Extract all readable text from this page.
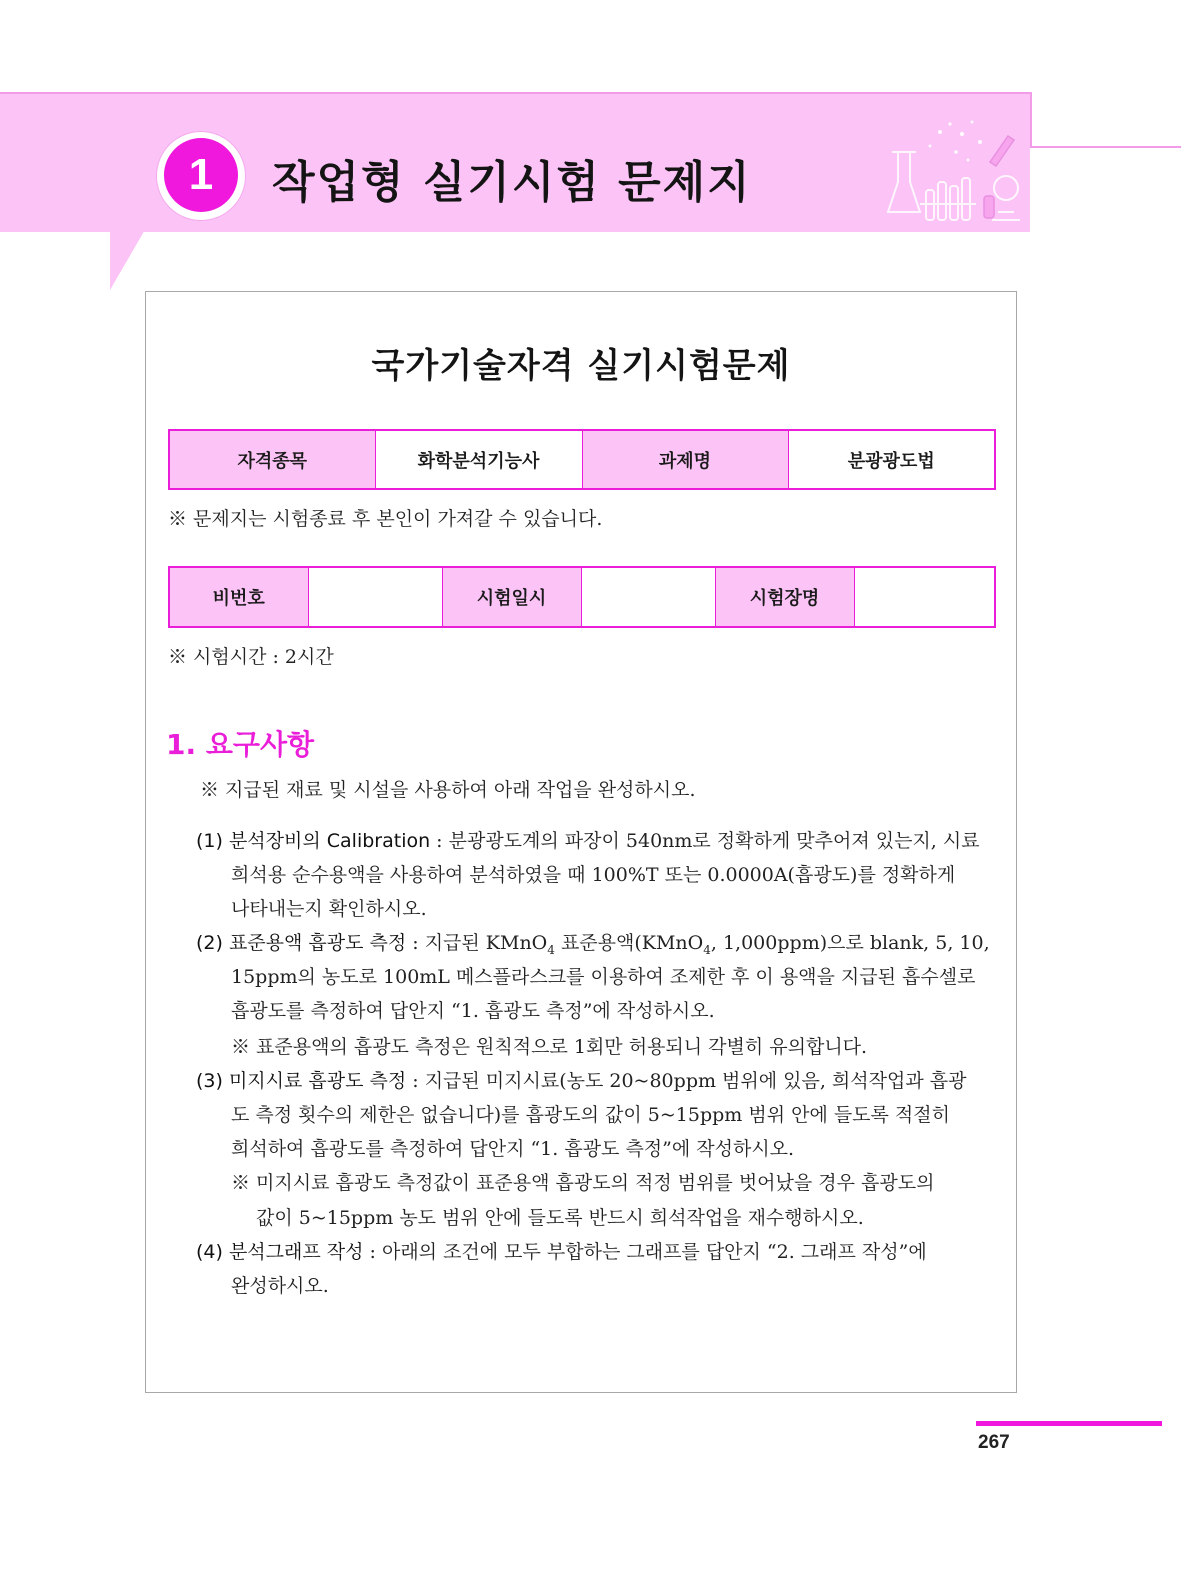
1	작업형 실기시험 문제지
국가기술자격 실기시험문제
자격종목	화학분석기능사	과제명	분광광도법
※ 문제지는 시험종료 후 본인이 가져갈 수 있습니다.
비번호		시험일시		시험장명	
※ 시험시간 : 2시간
1. 요구사항
※ 지급된 재료 및 시설을 사용하여 아래 작업을 완성하시오.
(1) 분석장비의 Calibration : 분광광도계의 파장이 540nm로 정확하게 맞추어져 있는지, 시료
희석용 순수용액을 사용하여 분석하였을 때 100%T 또는 0.0000A(흡광도)를 정확하게
나타내는지 확인하시오.
(2) 표준용액 흡광도 측정 : 지급된 KMnO$_4$ 표준용액(KMnO$_4$, 1,000ppm)으로 blank, 5, 10,
15ppm의 농도로 100mL 메스플라스크를 이용하여 조제한 후 이 용액을 지급된 흡수셀로
흡광도를 측정하여 답안지 “1. 흡광도 측정”에 작성하시오.
※ 표준용액의 흡광도 측정은 원칙적으로 1회만 허용되니 각별히 유의합니다.
(3) 미지시료 흡광도 측정 : 지급된 미지시료(농도 20~80ppm 범위에 있음, 희석작업과 흡광
도 측정 횟수의 제한은 없습니다)를 흡광도의 값이 5~15ppm 범위 안에 들도록 적절히
희석하여 흡광도를 측정하여 답안지 “1. 흡광도 측정”에 작성하시오.
※ 미지시료 흡광도 측정값이 표준용액 흡광도의 적정 범위를 벗어났을 경우 흡광도의
값이 5~15ppm 농도 범위 안에 들도록 반드시 희석작업을 재수행하시오.
(4) 분석그래프 작성 : 아래의 조건에 모두 부합하는 그래프를 답안지 “2. 그래프 작성”에
완성하시오.
267
